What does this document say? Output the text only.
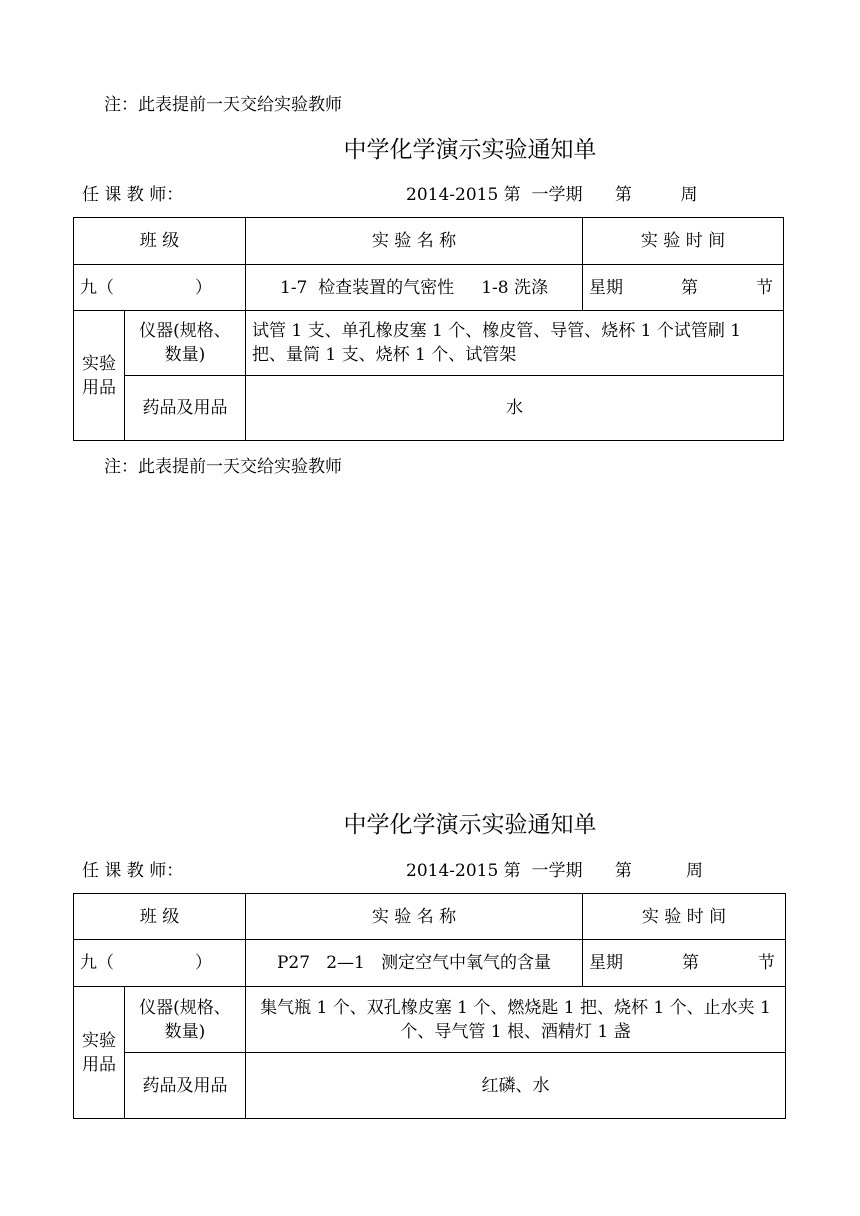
注：此表提前一天交给实验教师
中学化学演示实验通知单
任 课 教 师：	2014-2015 第  一学期      第         周
班 级		实 验 名 称	实 验 时 间
九（               ）		1-7  检查装置的气密性     1-8 洗涤	星期 第 节

实验用品	仪器(规格、数量)	试管 1 支、单孔橡皮塞 1 个、橡皮管、导管、烧杯 1 个试管刷 1 把、量筒 1 支、烧杯 1 个、试管架	
	药品及用品	水	
注：此表提前一天交给实验教师
中学化学演示实验通知单
任 课 教 师：	2014-2015 第  一学期      第          周
班 级		实 验 名 称	实 验 时 间
九（               ）		P27   2—1   测定空气中氧气的含量	星期 第 节

实验用品	仪器(规格、数量)	集气瓶 1 个、双孔橡皮塞 1 个、燃烧匙 1 把、烧杯 1 个、止水夹 1 个、导气管 1 根、酒精灯 1 盏	
	药品及用品	红磷、水	
